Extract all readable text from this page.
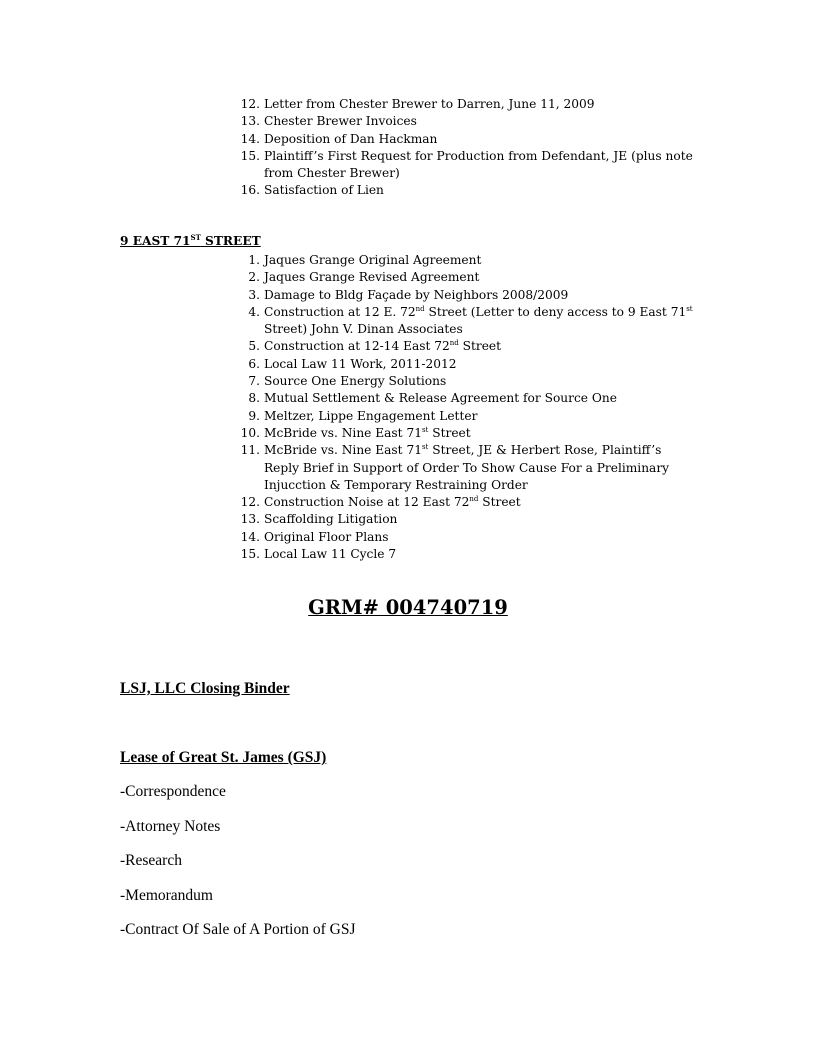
12 . Letter from Chester Brewer to Darren, June 11, 2009
13 . Chester Brewer Invoices
14 . Deposition of Dan Hackman
15 . Plaintiff’s First Request for Production from Defendant, JE (plus note from Chester Brewer)
16 . Satisfaction of Lien
9 EAST 71ST STREET
1 . Jaques Grange Original Agreement
2 . Jaques Grange Revised Agreement
3 . Damage to Bldg Façade by Neighbors 2008/2009
4 . Construction at 12 E. 72nd Street (Letter to deny access to 9 East 71st Street) John V. Dinan Associates
5 . Construction at 12-14 East 72nd Street
6 . Local Law 11 Work, 2011-2012
7 . Source One Energy Solutions
8 . Mutual Settlement & Release Agreement for Source One
9 . Meltzer, Lippe Engagement Letter
10 . McBride vs. Nine East 71st Street
11 . McBride vs. Nine East 71st Street, JE & Herbert Rose, Plaintiff’s Reply Brief in Support of Order To Show Cause For a Preliminary Injucction & Temporary Restraining Order
12 . Construction Noise at 12 East 72nd Street
13 . Scaffolding Litigation
14 . Original Floor Plans
15 . Local Law 11 Cycle 7
GRM# 004740719
LSJ, LLC Closing Binder
Lease of Great St. James (GSJ)

-Correspondence

-Attorney Notes

-Research

-Memorandum

-Contract Of Sale of A Portion of GSJ
